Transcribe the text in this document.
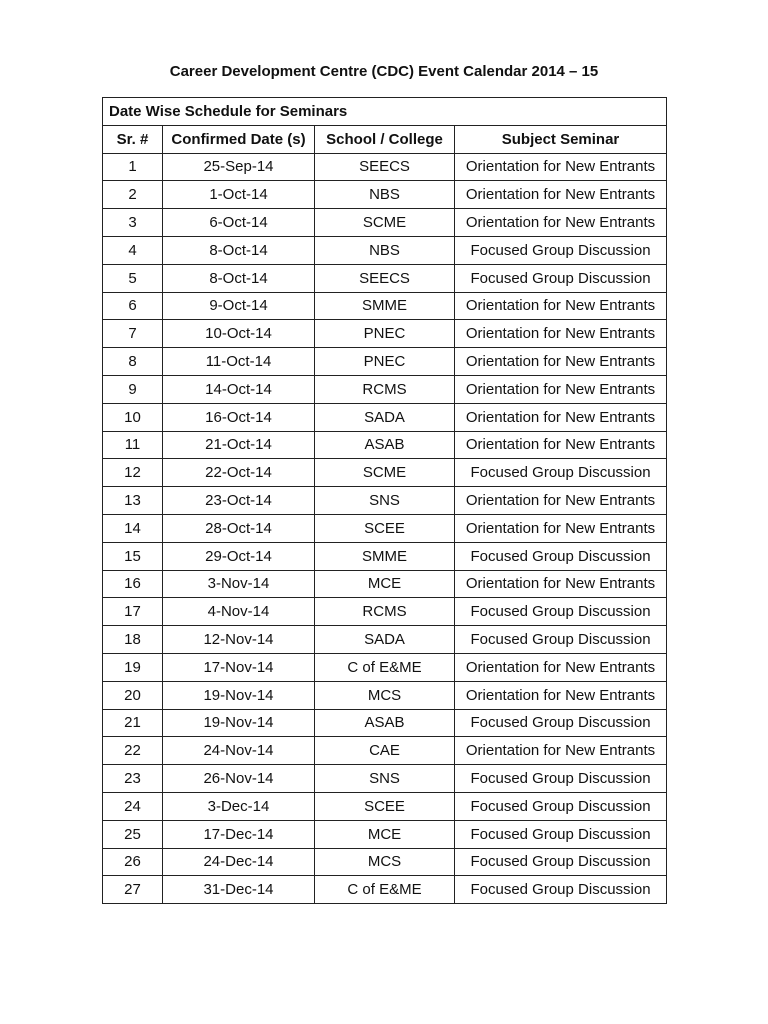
Career Development Centre (CDC) Event Calendar 2014 – 15
Date Wise Schedule for Seminars			
Sr. #	Confirmed Date (s)	School / College	Subject Seminar
1	25-Sep-14	SEECS	Orientation for New Entrants
2	1-Oct-14	NBS	Orientation for New Entrants
3	6-Oct-14	SCME	Orientation for New Entrants
4	8-Oct-14	NBS	Focused Group Discussion
5	8-Oct-14	SEECS	Focused Group Discussion
6	9-Oct-14	SMME	Orientation for New Entrants
7	10-Oct-14	PNEC	Orientation for New Entrants
8	11-Oct-14	PNEC	Orientation for New Entrants
9	14-Oct-14	RCMS	Orientation for New Entrants
10	16-Oct-14	SADA	Orientation for New Entrants
11	21-Oct-14	ASAB	Orientation for New Entrants
12	22-Oct-14	SCME	Focused Group Discussion
13	23-Oct-14	SNS	Orientation for New Entrants
14	28-Oct-14	SCEE	Orientation for New Entrants
15	29-Oct-14	SMME	Focused Group Discussion
16	3-Nov-14	MCE	Orientation for New Entrants
17	4-Nov-14	RCMS	Focused Group Discussion
18	12-Nov-14	SADA	Focused Group Discussion
19	17-Nov-14	C of E&ME	Orientation for New Entrants
20	19-Nov-14	MCS	Orientation for New Entrants
21	19-Nov-14	ASAB	Focused Group Discussion
22	24-Nov-14	CAE	Orientation for New Entrants
23	26-Nov-14	SNS	Focused Group Discussion
24	3-Dec-14	SCEE	Focused Group Discussion
25	17-Dec-14	MCE	Focused Group Discussion
26	24-Dec-14	MCS	Focused Group Discussion
27	31-Dec-14	C of E&ME	Focused Group Discussion
